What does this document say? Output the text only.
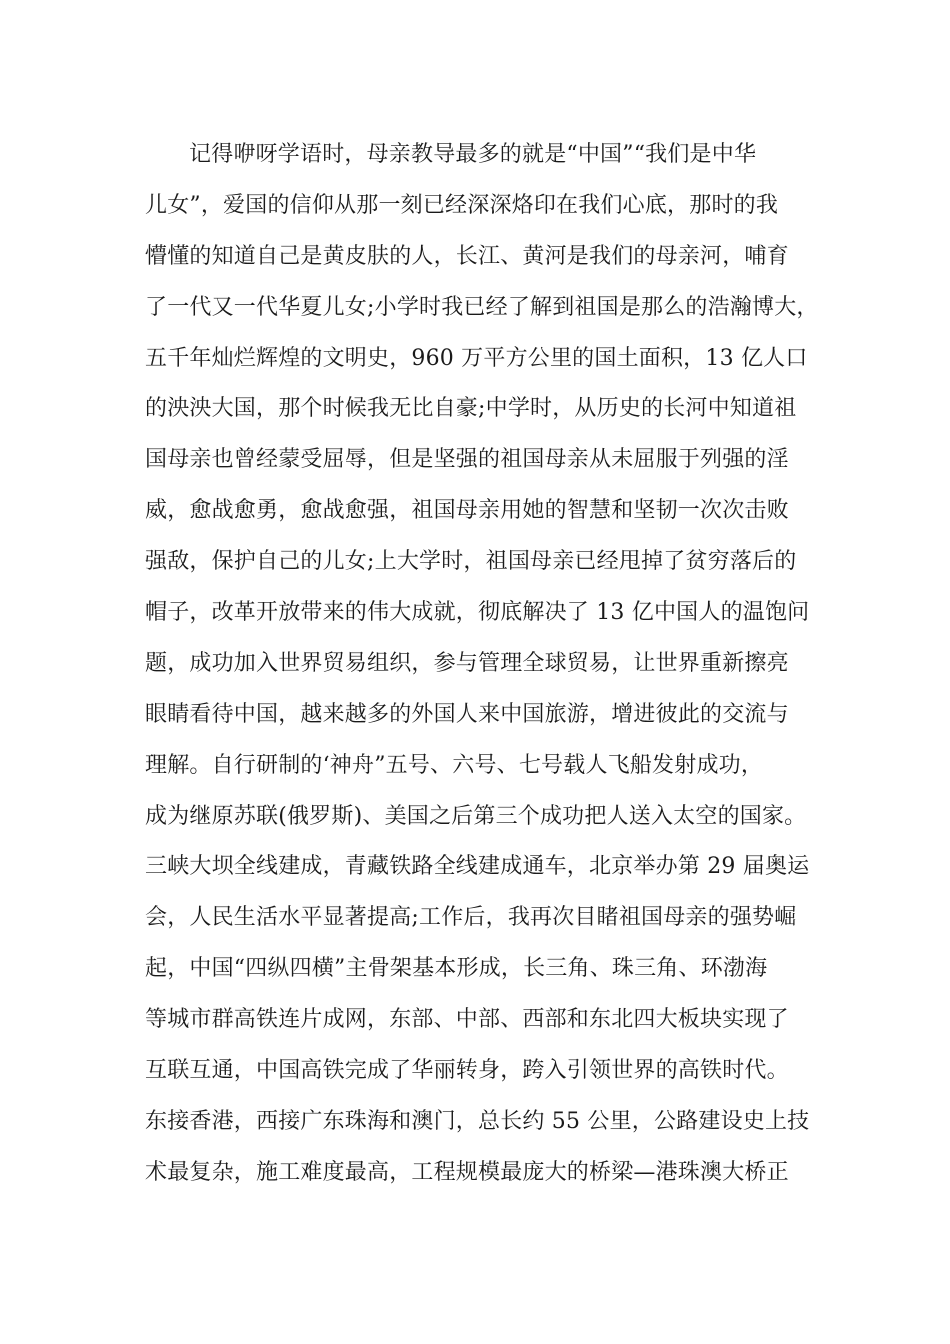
记得咿呀学语时，母亲教导最多的就是“中国”“我们是中华
儿女”，爱国的信仰从那一刻已经深深烙印在我们心底，那时的我
懵懂的知道自己是黄皮肤的人，长江、黄河是我们的母亲河，哺育
了一代又一代华夏儿女;小学时我已经了解到祖国是那么的浩瀚博大，
五千年灿烂辉煌的文明史，960 万平方公里的国土面积，13 亿人口
的泱泱大国，那个时候我无比自豪;中学时，从历史的长河中知道祖
国母亲也曾经蒙受屈辱，但是坚强的祖国母亲从未屈服于列强的淫
威，愈战愈勇，愈战愈强，祖国母亲用她的智慧和坚韧一次次击败
强敌，保护自己的儿女;上大学时，祖国母亲已经甩掉了贫穷落后的
帽子，改革开放带来的伟大成就，彻底解决了 13 亿中国人的温饱问
题，成功加入世界贸易组织，参与管理全球贸易，让世界重新擦亮
眼睛看待中国，越来越多的外国人来中国旅游，增进彼此的交流与
理解。自行研制的‘神舟”五号、六号、七号载人飞船发射成功，
成为继原苏联(俄罗斯)、美国之后第三个成功把人送入太空的国家。
三峡大坝全线建成，青藏铁路全线建成通车，北京举办第 29 届奥运
会，人民生活水平显著提高;工作后，我再次目睹祖国母亲的强势崛
起，中国“四纵四横”主骨架基本形成，长三角、珠三角、环渤海
等城市群高铁连片成网，东部、中部、西部和东北四大板块实现了
互联互通，中国高铁完成了华丽转身，跨入引领世界的高铁时代。
东接香港，西接广东珠海和澳门，总长约 55 公里，公路建设史上技
术最复杂，施工难度最高，工程规模最庞大的桥梁—港珠澳大桥正
